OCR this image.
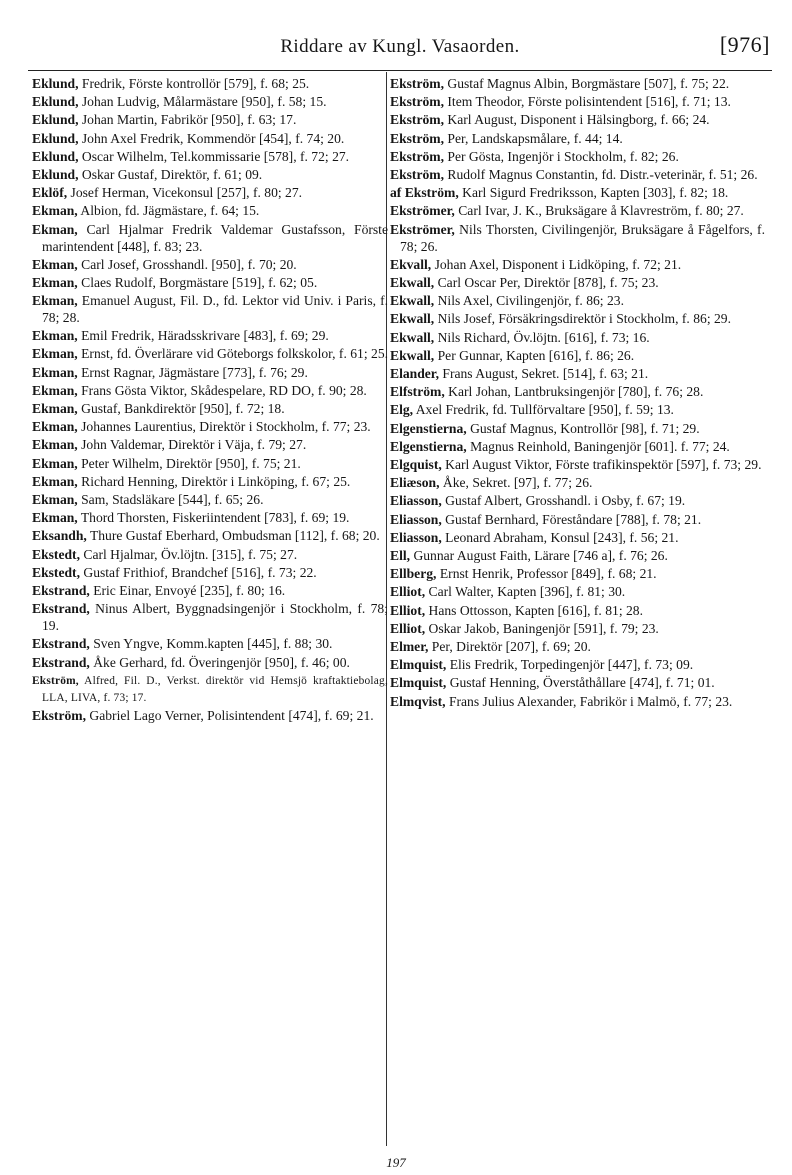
Riddare av Kungl. Vasaorden.	[976]
Eklund, Fredrik, Förste kontrollör [579], f. 68; 25.
Eklund, Johan Ludvig, Målarmästare [950], f. 58; 15.
Eklund, Johan Martin, Fabrikör [950], f. 63; 17.
Eklund, John Axel Fredrik, Kommendör [454], f. 74; 20.
Eklund, Oscar Wilhelm, Tel.kommissarie [578], f. 72; 27.
Eklund, Oskar Gustaf, Direktör, f. 61; 09.
Eklöf, Josef Herman, Vicekonsul [257], f. 80; 27.
Ekman, Albion, fd. Jägmästare, f. 64; 15.
Ekman, Carl Hjalmar Fredrik Valdemar Gustafsson, Förste marintendent [448], f. 83; 23.
Ekman, Carl Josef, Grosshandl. [950], f. 70; 20.
Ekman, Claes Rudolf, Borgmästare [519], f. 62; 05.
Ekman, Emanuel August, Fil. D., fd. Lektor vid Univ. i Paris, f. 78; 28.
Ekman, Emil Fredrik, Häradsskrivare [483], f. 69; 29.
Ekman, Ernst, fd. Överlärare vid Göteborgs folkskolor, f. 61; 25.
Ekman, Ernst Ragnar, Jägmästare [773], f. 76; 29.
Ekman, Frans Gösta Viktor, Skådespelare, RD DO, f. 90; 28.
Ekman, Gustaf, Bankdirektör [950], f. 72; 18.
Ekman, Johannes Laurentius, Direktör i Stockholm, f. 77; 23.
Ekman, John Valdemar, Direktör i Väja, f. 79; 27.
Ekman, Peter Wilhelm, Direktör [950], f. 75; 21.
Ekman, Richard Henning, Direktör i Linköping, f. 67; 25.
Ekman, Sam, Stadsläkare [544], f. 65; 26.
Ekman, Thord Thorsten, Fiskeriintendent [783], f. 69; 19.
Eksandh, Thure Gustaf Eberhard, Ombudsman [112], f. 68; 20.
Ekstedt, Carl Hjalmar, Öv.löjtn. [315], f. 75; 27.
Ekstedt, Gustaf Frithiof, Brandchef [516], f. 73; 22.
Ekstrand, Eric Einar, Envoyé [235], f. 80; 16.
Ekstrand, Ninus Albert, Byggnadsingenjör i Stockholm, f. 78; 19.
Ekstrand, Sven Yngve, Komm.kapten [445], f. 88; 30.
Ekstrand, Åke Gerhard, fd. Överingenjör [950], f. 46; 00.
Ekström, Alfred, Fil. D., Verkst. direktör vid Hemsjö kraftaktiebolag, LLA, LIVA, f. 73; 17.
Ekström, Gabriel Lago Verner, Polisintendent [474], f. 69; 21.
Ekström, Gustaf Magnus Albin, Borgmästare [507], f. 75; 22.
Ekström, Item Theodor, Förste polisintendent [516], f. 71; 13.
Ekström, Karl August, Disponent i Hälsingborg, f. 66; 24.
Ekström, Per, Landskapsmålare, f. 44; 14.
Ekström, Per Gösta, Ingenjör i Stockholm, f. 82; 26.
Ekström, Rudolf Magnus Constantin, fd. Distr.-veterinär, f. 51; 26.
af Ekström, Karl Sigurd Fredriksson, Kapten [303], f. 82; 18.
Ekströmer, Carl Ivar, J. K., Bruksägare å Klavreström, f. 80; 27.
Ekströmer, Nils Thorsten, Civilingenjör, Bruksägare å Fågelfors, f. 78; 26.
Ekvall, Johan Axel, Disponent i Lidköping, f. 72; 21.
Ekwall, Carl Oscar Per, Direktör [878], f. 75; 23.
Ekwall, Nils Axel, Civilingenjör, f. 86; 23.
Ekwall, Nils Josef, Försäkringsdirektör i Stockholm, f. 86; 29.
Ekwall, Nils Richard, Öv.löjtn. [616], f. 73; 16.
Ekwall, Per Gunnar, Kapten [616], f. 86; 26.
Elander, Frans August, Sekret. [514], f. 63; 21.
Elfström, Karl Johan, Lantbruksingenjör [780], f. 76; 28.
Elg, Axel Fredrik, fd. Tullförvaltare [950], f. 59; 13.
Elgenstierna, Gustaf Magnus, Kontrollör [98], f. 71; 29.
Elgenstierna, Magnus Reinhold, Baningenjör [601]. f. 77; 24.
Elgquist, Karl August Viktor, Förste trafikinspektör [597], f. 73; 29.
Eliæson, Åke, Sekret. [97], f. 77; 26.
Eliasson, Gustaf Albert, Grosshandl. i Osby, f. 67; 19.
Eliasson, Gustaf Bernhard, Föreståndare [788], f. 78; 21.
Eliasson, Leonard Abraham, Konsul [243], f. 56; 21.
Ell, Gunnar August Faith, Lärare [746 a], f. 76; 26.
Ellberg, Ernst Henrik, Professor [849], f. 68; 21.
Elliot, Carl Walter, Kapten [396], f. 81; 30.
Elliot, Hans Ottosson, Kapten [616], f. 81; 28.
Elliot, Oskar Jakob, Baningenjör [591], f. 79; 23.
Elmer, Per, Direktör [207], f. 69; 20.
Elmquist, Elis Fredrik, Torpedingenjör [447], f. 73; 09.
Elmquist, Gustaf Henning, Överståthållare [474], f. 71; 01.
Elmqvist, Frans Julius Alexander, Fabrikör i Malmö, f. 77; 23.
197
